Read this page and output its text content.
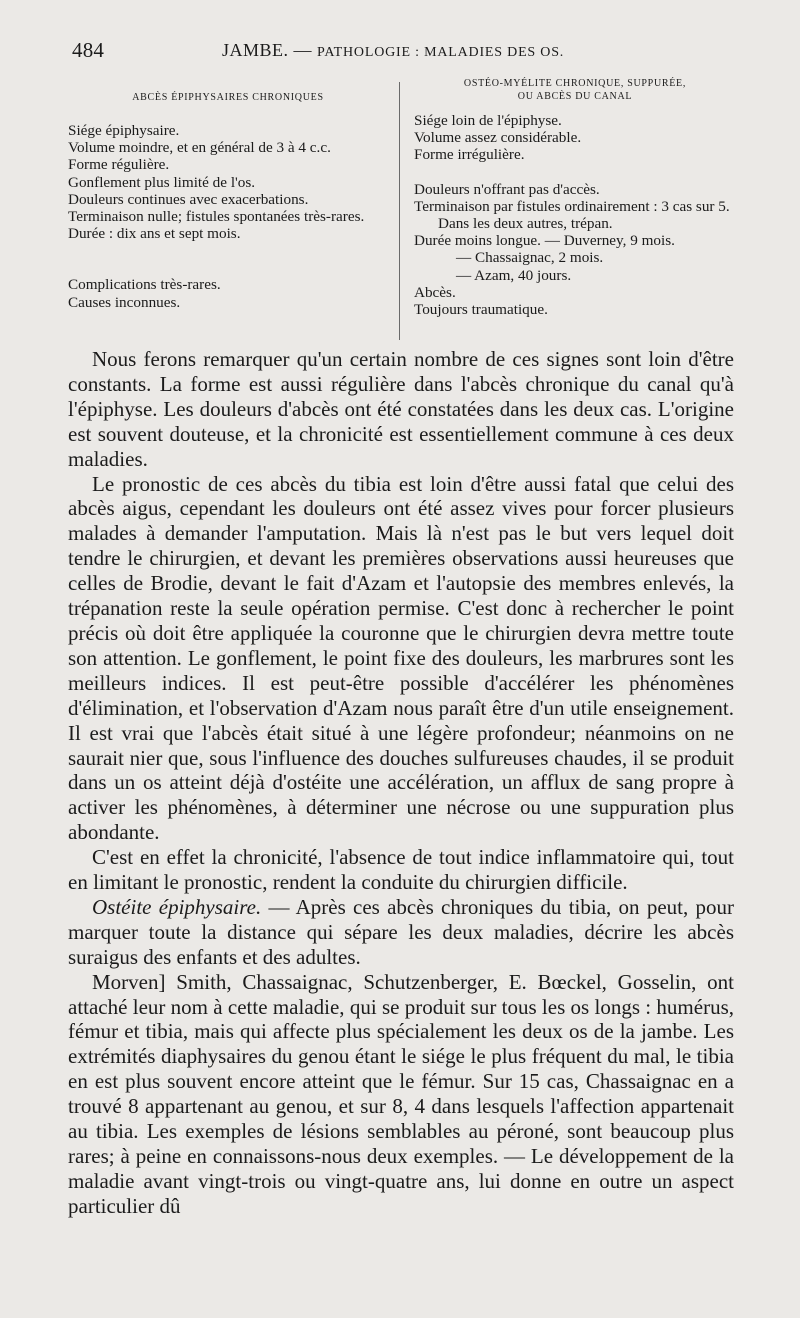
484	JAMBE. — PATHOLOGIE : MALADIES DES OS.
ABCÈS ÉPIPHYSAIRES CHRONIQUES

Siége épiphysaire.

Volume moindre, et en général de 3 à 4 c.c.

Forme régulière.

Gonflement plus limité de l'os.

Douleurs continues avec exacerbations.

Terminaison nulle; fistules spontanées très-rares.

Durée : dix ans et sept mois.

Complications très-rares.

Causes inconnues.

OSTÉO-MYÉLITE CHRONIQUE, SUPPURÉE,
OU ABCÈS DU CANAL

Siége loin de l'épiphyse.

Volume assez considérable.

Forme irrégulière.

Douleurs n'offrant pas d'accès.

Terminaison par fistules ordinairement : 3 cas sur 5. Dans les deux autres, trépan.

Durée moins longue. — Duverney, 9 mois.

— Chassaignac, 2 mois.

— Azam, 40 jours.

Abcès.

Toujours traumatique.

Nous ferons remarquer qu'un certain nombre de ces signes sont loin d'être constants. La forme est aussi régulière dans l'abcès chronique du canal qu'à l'épiphyse. Les douleurs d'abcès ont été constatées dans les deux cas. L'origine est souvent douteuse, et la chronicité est essentiellement commune à ces deux maladies.

Le pronostic de ces abcès du tibia est loin d'être aussi fatal que celui des abcès aigus, cependant les douleurs ont été assez vives pour forcer plusieurs malades à demander l'amputation. Mais là n'est pas le but vers lequel doit tendre le chirurgien, et devant les premières observations aussi heureuses que celles de Brodie, devant le fait d'Azam et l'autopsie des membres enlevés, la trépanation reste la seule opération permise. C'est donc à rechercher le point précis où doit être appliquée la couronne que le chirurgien devra mettre toute son attention. Le gonflement, le point fixe des douleurs, les marbrures sont les meilleurs indices. Il est peut-être possible d'accélérer les phénomènes d'élimination, et l'observation d'Azam nous paraît être d'un utile enseignement. Il est vrai que l'abcès était situé à une légère profondeur; néanmoins on ne saurait nier que, sous l'influence des douches sulfureuses chaudes, il se produit dans un os atteint déjà d'ostéite une accélération, un afflux de sang propre à activer les phénomènes, à déterminer une nécrose ou une suppuration plus abondante.

C'est en effet la chronicité, l'absence de tout indice inflammatoire qui, tout en limitant le pronostic, rendent la conduite du chirurgien difficile.

Ostéite épiphysaire. — Après ces abcès chroniques du tibia, on peut, pour marquer toute la distance qui sépare les deux maladies, décrire les abcès suraigus des enfants et des adultes.

Morven] Smith, Chassaignac, Schutzenberger, E. Bœckel, Gosselin, ont attaché leur nom à cette maladie, qui se produit sur tous les os longs : humérus, fémur et tibia, mais qui affecte plus spécialement les deux os de la jambe. Les extrémités diaphysaires du genou étant le siége le plus fréquent du mal, le tibia en est plus souvent encore atteint que le fémur. Sur 15 cas, Chassaignac en a trouvé 8 appartenant au genou, et sur 8, 4 dans lesquels l'affection appartenait au tibia. Les exemples de lésions semblables au péroné, sont beaucoup plus rares; à peine en connaissons-nous deux exemples. — Le développement de la maladie avant vingt-trois ou vingt-quatre ans, lui donne en outre un aspect particulier dû
